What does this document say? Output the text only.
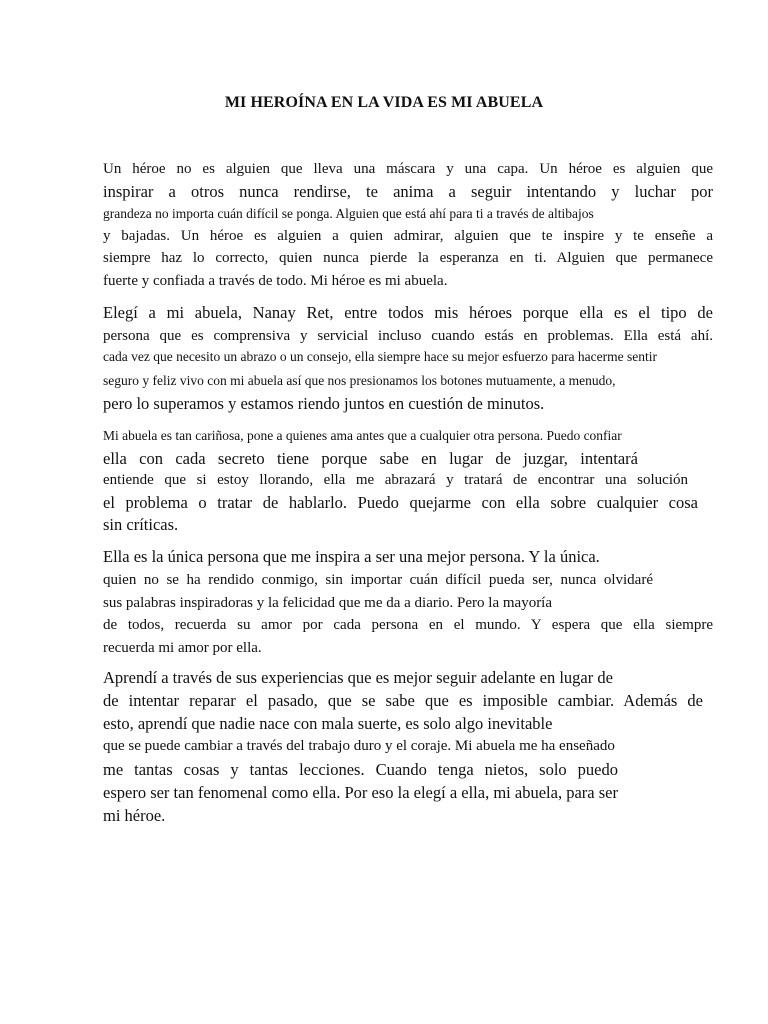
MI HEROÍNA EN LA VIDA ES MI ABUELA

Un héroe no es alguien que lleva una máscara y una capa. Un héroe es alguien que

inspirar a otros nunca rendirse, te anima a seguir intentando y luchar por

grandeza no importa cuán difícil se ponga. Alguien que está ahí para ti a través de altibajos

y bajadas. Un héroe es alguien a quien admirar, alguien que te inspire y te enseñe a

siempre haz lo correcto, quien nunca pierde la esperanza en ti. Alguien que permanece

fuerte y confiada a través de todo. Mi héroe es mi abuela.

Elegí a mi abuela, Nanay Ret, entre todos mis héroes porque ella es el tipo de

persona que es comprensiva y servicial incluso cuando estás en problemas. Ella está ahí.

cada vez que necesito un abrazo o un consejo, ella siempre hace su mejor esfuerzo para hacerme sentir

seguro y feliz vivo con mi abuela así que nos presionamos los botones mutuamente, a menudo,

pero lo superamos y estamos riendo juntos en cuestión de minutos.

Mi abuela es tan cariñosa, pone a quienes ama antes que a cualquier otra persona. Puedo confiar

ella con cada secreto tiene porque sabe en lugar de juzgar, intentará

entiende que si estoy llorando, ella me abrazará y tratará de encontrar una solución

el problema o tratar de hablarlo. Puedo quejarme con ella sobre cualquier cosa

sin críticas.

Ella es la única persona que me inspira a ser una mejor persona. Y la única.

quien no se ha rendido conmigo, sin importar cuán difícil pueda ser, nunca olvidaré

sus palabras inspiradoras y la felicidad que me da a diario. Pero la mayoría

de todos, recuerda su amor por cada persona en el mundo. Y espera que ella siempre

recuerda mi amor por ella.

Aprendí a través de sus experiencias que es mejor seguir adelante en lugar de

de intentar reparar el pasado, que se sabe que es imposible cambiar. Además de

esto, aprendí que nadie nace con mala suerte, es solo algo inevitable

que se puede cambiar a través del trabajo duro y el coraje. Mi abuela me ha enseñado

me tantas cosas y tantas lecciones. Cuando tenga nietos, solo puedo

espero ser tan fenomenal como ella. Por eso la elegí a ella, mi abuela, para ser

mi héroe.
